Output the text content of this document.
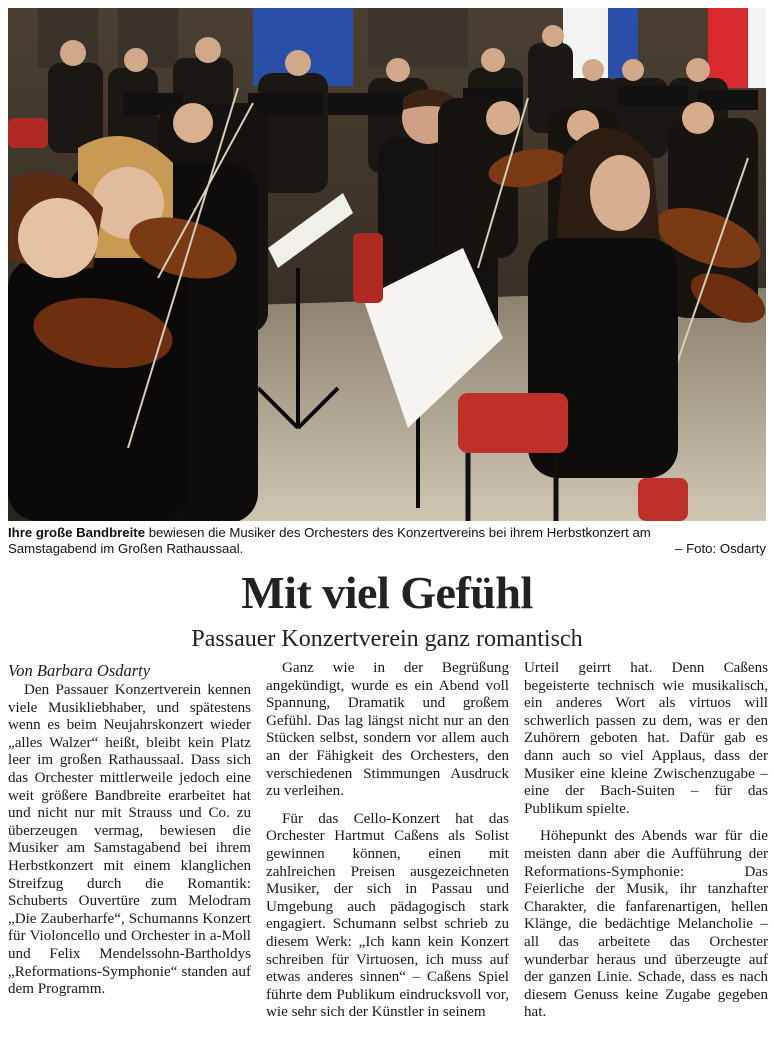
Ihre große Bandbreite bewiesen die Musiker des Orchesters des Konzertvereins bei ihrem Herbstkonzert am
Samstagabend im Großen Rathaussaal.	– Foto: Osdarty
Mit viel Gefühl
Passauer Konzertverein ganz romantisch

Von Barbara Osdarty

Den Passauer Konzertverein kennen viele Musikliebhaber, und spätestens wenn es beim Neujahrskonzert wieder „alles Walzer“ heißt, bleibt kein Platz leer im großen Rathaussaal. Dass sich das Orchester mittlerweile jedoch eine weit größere Bandbreite erarbeitet hat und nicht nur mit Strauss und Co. zu überzeugen vermag, bewiesen die Musiker am Samstagabend bei ihrem Herbstkonzert mit einem klanglichen Streifzug durch die Romantik: Schuberts Ouvertüre zum Melodram „Die Zauberharfe“, Schumanns Konzert für Violoncello und Orchester in a-Moll und Felix Mendelssohn-Bartholdys „Reformations-Symphonie“ standen auf dem Programm.

Ganz wie in der Begrüßung angekündigt, wurde es ein Abend voll Spannung, Dramatik und großem Gefühl. Das lag längst nicht nur an den Stücken selbst, sondern vor allem auch an der Fähigkeit des Orchesters, den verschiedenen Stimmungen Ausdruck zu verleihen.

Für das Cello-Konzert hat das Orchester Hartmut Caßens als Solist gewinnen können, einen mit zahlreichen Preisen ausgezeichneten Musiker, der sich in Passau und Umgebung auch pädagogisch stark engagiert. Schumann selbst schrieb zu diesem Werk: „Ich kann kein Konzert schreiben für Virtuosen, ich muss auf etwas anderes sinnen“ – Caßens Spiel führte dem Publikum eindrucksvoll vor, wie sehr sich der Künstler in seinem

Urteil geirrt hat. Denn Caßens begeisterte technisch wie musikalisch, ein anderes Wort als virtuos will schwerlich passen zu dem, was er den Zuhörern geboten hat. Dafür gab es dann auch so viel Applaus, dass der Musiker eine kleine Zwischenzugabe – eine der Bach-Suiten – für das Publikum spielte.

Höhepunkt des Abends war für die meisten dann aber die Aufführung der Reformations-Symphonie: Das Feierliche der Musik, ihr tanzhafter Charakter, die fanfarenartigen, hellen Klänge, die bedächtige Melancholie – all das arbeitete das Orchester wunderbar heraus und überzeugte auf der ganzen Linie. Schade, dass es nach diesem Genuss keine Zugabe gegeben hat.
